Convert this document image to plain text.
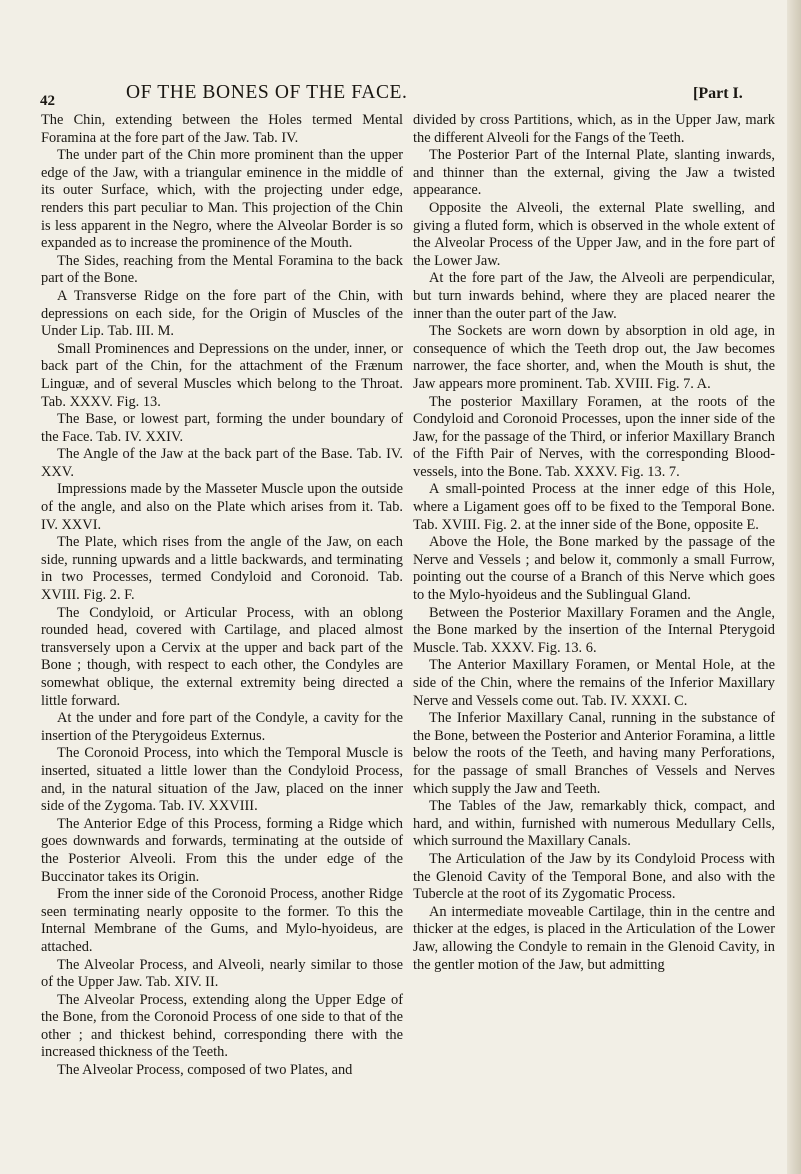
42	OF THE BONES OF THE FACE.	[Part I.

The Chin, extending between the Holes termed Mental Foramina at the fore part of the Jaw. Tab. IV.

The under part of the Chin more prominent than the upper edge of the Jaw, with a triangular eminence in the middle of its outer Surface, which, with the projecting under edge, renders this part peculiar to Man. This projection of the Chin is less apparent in the Negro, where the Alveolar Border is so expanded as to increase the prominence of the Mouth.

The Sides, reaching from the Mental Foramina to the back part of the Bone.

A Transverse Ridge on the fore part of the Chin, with depressions on each side, for the Origin of Muscles of the Under Lip. Tab. III. M.

Small Prominences and Depressions on the under, inner, or back part of the Chin, for the attachment of the Frænum Linguæ, and of several Muscles which belong to the Throat. Tab. XXXV. Fig. 13.

The Base, or lowest part, forming the under boundary of the Face. Tab. IV. XXIV.

The Angle of the Jaw at the back part of the Base. Tab. IV. XXV.

Impressions made by the Masseter Muscle upon the outside of the angle, and also on the Plate which arises from it. Tab. IV. XXVI.

The Plate, which rises from the angle of the Jaw, on each side, running upwards and a little backwards, and terminating in two Processes, termed Condyloid and Coronoid. Tab. XVIII. Fig. 2. F.

The Condyloid, or Articular Process, with an oblong rounded head, covered with Cartilage, and placed almost transversely upon a Cervix at the upper and back part of the Bone ; though, with respect to each other, the Condyles are somewhat oblique, the external extremity being directed a little forward.

At the under and fore part of the Condyle, a cavity for the insertion of the Pterygoideus Externus.

The Coronoid Process, into which the Temporal Muscle is inserted, situated a little lower than the Condyloid Process, and, in the natural situation of the Jaw, placed on the inner side of the Zygoma. Tab. IV. XXVIII.

The Anterior Edge of this Process, forming a Ridge which goes downwards and forwards, terminating at the outside of the Posterior Alveoli. From this the under edge of the Buccinator takes its Origin.

From the inner side of the Coronoid Process, another Ridge seen terminating nearly opposite to the former. To this the Internal Membrane of the Gums, and Mylo-hyoideus, are attached.

The Alveolar Process, and Alveoli, nearly similar to those of the Upper Jaw. Tab. XIV. II.

The Alveolar Process, extending along the Upper Edge of the Bone, from the Coronoid Process of one side to that of the other ; and thickest behind, corresponding there with the increased thickness of the Teeth.

The Alveolar Process, composed of two Plates, and

divided by cross Partitions, which, as in the Upper Jaw, mark the different Alveoli for the Fangs of the Teeth.

The Posterior Part of the Internal Plate, slanting inwards, and thinner than the external, giving the Jaw a twisted appearance.

Opposite the Alveoli, the external Plate swelling, and giving a fluted form, which is observed in the whole extent of the Alveolar Process of the Upper Jaw, and in the fore part of the Lower Jaw.

At the fore part of the Jaw, the Alveoli are perpendicular, but turn inwards behind, where they are placed nearer the inner than the outer part of the Jaw.

The Sockets are worn down by absorption in old age, in consequence of which the Teeth drop out, the Jaw becomes narrower, the face shorter, and, when the Mouth is shut, the Jaw appears more prominent. Tab. XVIII. Fig. 7. A.

The posterior Maxillary Foramen, at the roots of the Condyloid and Coronoid Processes, upon the inner side of the Jaw, for the passage of the Third, or inferior Maxillary Branch of the Fifth Pair of Nerves, with the corresponding Blood-vessels, into the Bone. Tab. XXXV. Fig. 13. 7.

A small-pointed Process at the inner edge of this Hole, where a Ligament goes off to be fixed to the Temporal Bone. Tab. XVIII. Fig. 2. at the inner side of the Bone, opposite E.

Above the Hole, the Bone marked by the passage of the Nerve and Vessels ; and below it, commonly a small Furrow, pointing out the course of a Branch of this Nerve which goes to the Mylo-hyoideus and the Sublingual Gland.

Between the Posterior Maxillary Foramen and the Angle, the Bone marked by the insertion of the Internal Pterygoid Muscle. Tab. XXXV. Fig. 13. 6.

The Anterior Maxillary Foramen, or Mental Hole, at the side of the Chin, where the remains of the Inferior Maxillary Nerve and Vessels come out. Tab. IV. XXXI. C.

The Inferior Maxillary Canal, running in the substance of the Bone, between the Posterior and Anterior Foramina, a little below the roots of the Teeth, and having many Perforations, for the passage of small Branches of Vessels and Nerves which supply the Jaw and Teeth.

The Tables of the Jaw, remarkably thick, compact, and hard, and within, furnished with numerous Medullary Cells, which surround the Maxillary Canals.

The Articulation of the Jaw by its Condyloid Process with the Glenoid Cavity of the Temporal Bone, and also with the Tubercle at the root of its Zygomatic Process.

An intermediate moveable Cartilage, thin in the centre and thicker at the edges, is placed in the Articulation of the Lower Jaw, allowing the Condyle to remain in the Glenoid Cavity, in the gentler motion of the Jaw, but admitting
